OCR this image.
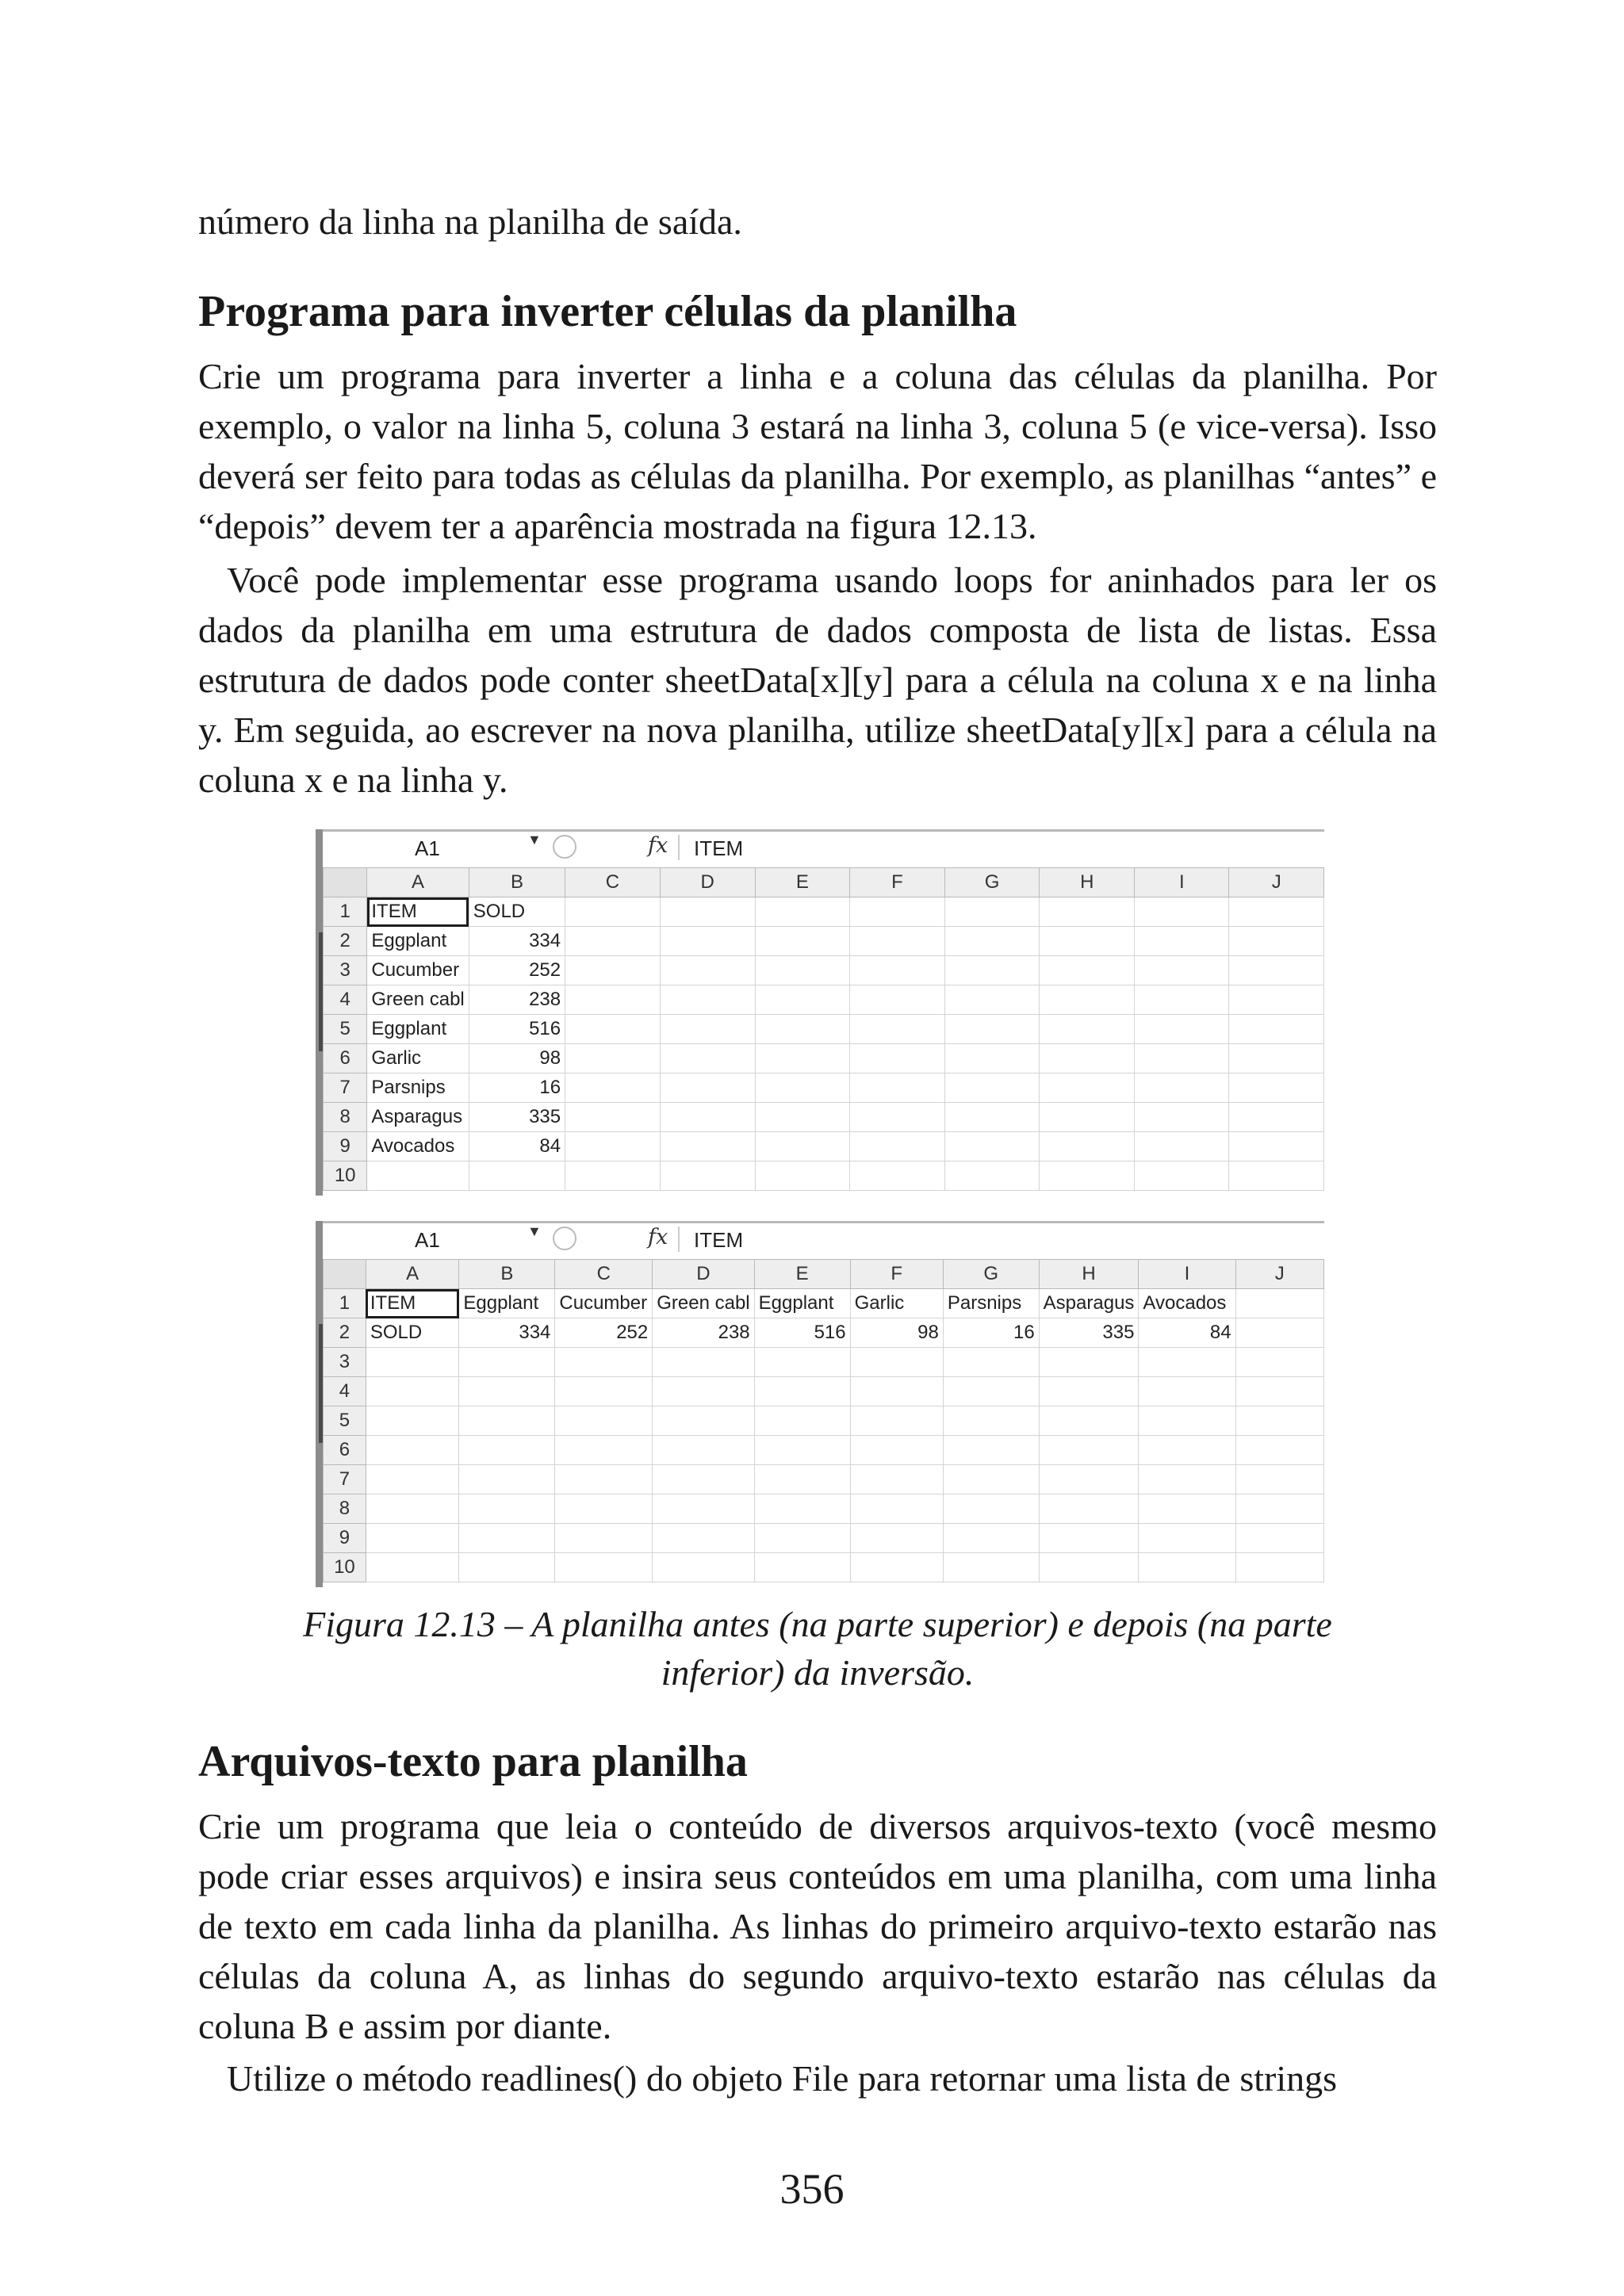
número da linha na planilha de saída.

Programa para inverter células da planilha

Crie um programa para inverter a linha e a coluna das células da planilha. Por exemplo, o valor na linha 5, coluna 3 estará na linha 3, coluna 5 (e vice-versa). Isso deverá ser feito para todas as células da planilha. Por exemplo, as planilhas “antes” e “depois” devem ter a aparência mostrada na figura 12.13.

Você pode implementar esse programa usando loops for aninhados para ler os dados da planilha em uma estrutura de dados composta de lista de listas. Essa estrutura de dados pode conter sheetData[x][y] para a célula na coluna x e na linha y. Em seguida, ao escrever na nova planilha, utilize sheetData[y][x] para a célula na coluna x e na linha y.

A1	▼	fx ITEM
	A	B	C	D	E	F	G	H	I	J
1	ITEM	SOLD								
2	Eggplant	334								
3	Cucumber	252								
4	Green cabl	238								
5	Eggplant	516								
6	Garlic	98								
7	Parsnips	16								
8	Asparagus	335								
9	Avocados	84								
10										
A1	▼	fx ITEM
	A	B	C	D	E	F	G	H	I	J
1	ITEM	Eggplant	Cucumber	Green cabl	Eggplant	Garlic	Parsnips	Asparagus	Avocados	
2	SOLD	334	252	238	516	98	16	335	84	
3										
4										
5										
6										
7										
8										
9										
10										

Figura 12.13 – A planilha antes (na parte superior) e depois (na parte

inferior) da inversão.

Arquivos-texto para planilha

Crie um programa que leia o conteúdo de diversos arquivos-texto (você mesmo pode criar esses arquivos) e insira seus conteúdos em uma planilha, com uma linha de texto em cada linha da planilha. As linhas do primeiro arquivo-texto estarão nas células da coluna A, as linhas do segundo arquivo-texto estarão nas células da coluna B e assim por diante.

Utilize o método readlines() do objeto File para retornar uma lista de strings

356
